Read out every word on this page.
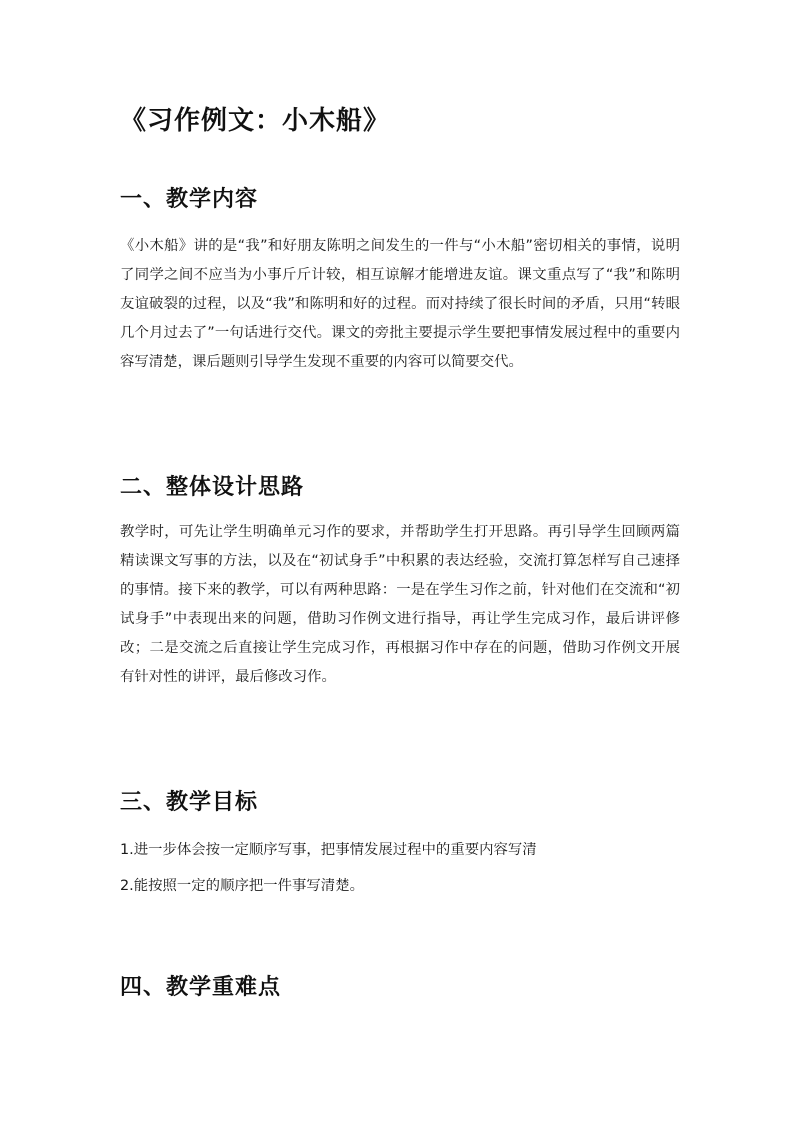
《习作例文：小木船》
一、教学内容

《小木船》讲的是“我”和好朋友陈明之间发生的一件与“小木船”密切相关的事情，说明了同学之间不应当为小事斤斤计较，相互谅解才能增进友谊。课文重点写了“我”和陈明友谊破裂的过程，以及“我”和陈明和好的过程。而对持续了很长时间的矛盾，只用“转眼几个月过去了”一句话进行交代。课文的旁批主要提示学生要把事情发展过程中的重要内容写清楚，课后题则引导学生发现不重要的内容可以简要交代。

二、整体设计思路

教学时，可先让学生明确单元习作的要求，并帮助学生打开思路。再引导学生回顾两篇精读课文写事的方法，以及在“初试身手”中积累的表达经验，交流打算怎样写自己速择的事情。接下来的教学，可以有两种思路：一是在学生习作之前，针对他们在交流和“初试身手”中表现出来的问题，借助习作例文进行指导，再让学生完成习作，最后讲评修改；二是交流之后直接让学生完成习作，再根据习作中存在的问题，借助习作例文开展有针对性的讲评，最后修改习作。

三、教学目标
1.进一步体会按一定顺序写事，把事情发展过程中的重要内容写清
2.能按照一定的顺序把一件事写清楚。
四、教学重难点
